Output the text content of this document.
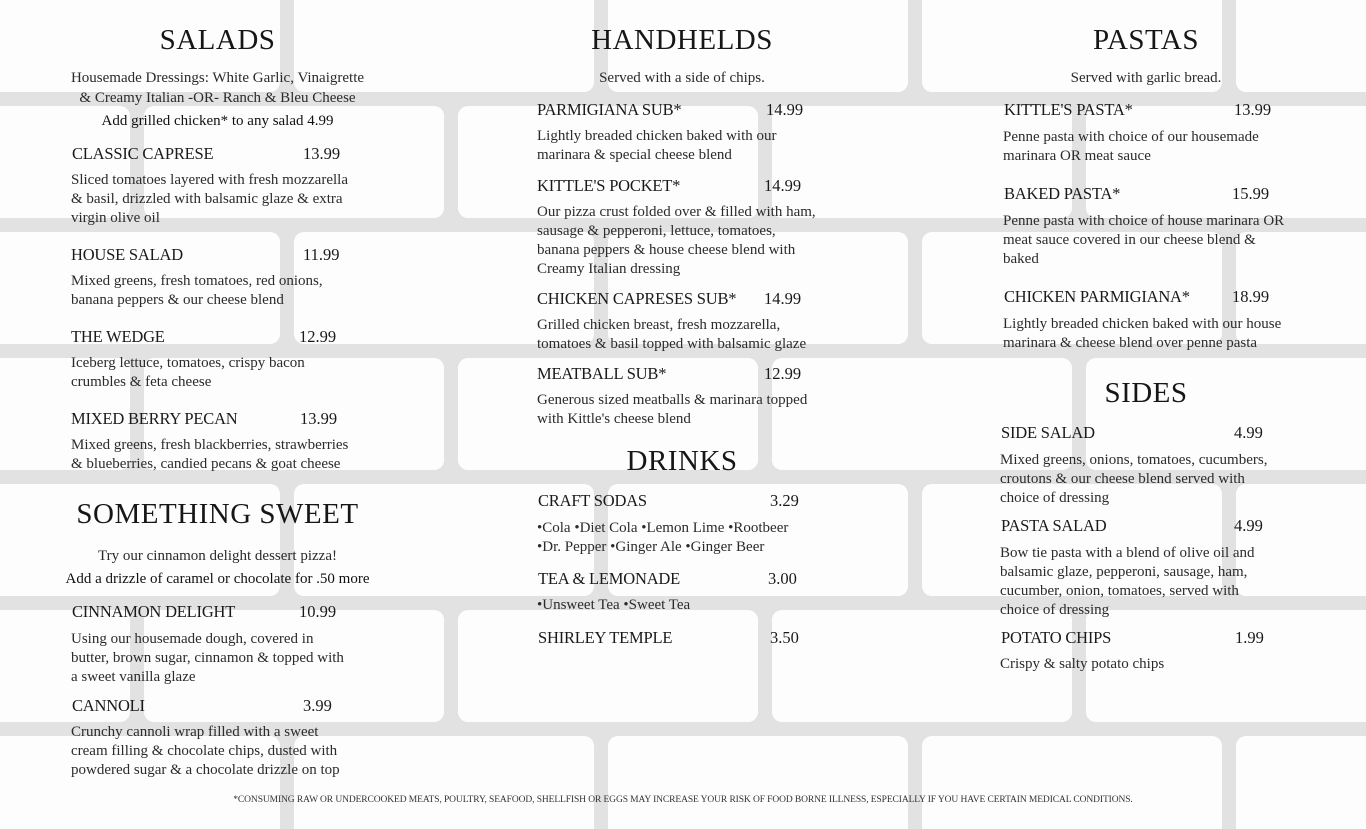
SALADS
Housemade Dressings: White Garlic, Vinaigrette
& Creamy Italian -OR- Ranch & Bleu Cheese
Add grilled chicken* to any salad 4.99
CLASSIC CAPRESE	13.99
Sliced tomatoes layered with fresh mozzarella
& basil, drizzled with balsamic glaze & extra
virgin olive oil
HOUSE SALAD	11.99
Mixed greens, fresh tomatoes, red onions,
banana peppers & our cheese blend
THE WEDGE	12.99
Iceberg lettuce, tomatoes, crispy bacon
crumbles & feta cheese
MIXED BERRY PECAN	13.99
Mixed greens, fresh blackberries, strawberries
& blueberries, candied pecans & goat cheese
SOMETHING SWEET
Try our cinnamon delight dessert pizza!
Add a drizzle of caramel or chocolate for .50 more
CINNAMON DELIGHT	10.99
Using our housemade dough, covered in
butter, brown sugar, cinnamon & topped with
a sweet vanilla glaze
CANNOLI	3.99
Crunchy cannoli wrap filled with a sweet
cream filling & chocolate chips, dusted with
powdered sugar & a chocolate drizzle on top
HANDHELDS
Served with a side of chips.
PARMIGIANA SUB*	14.99
Lightly breaded chicken baked with our
marinara & special cheese blend
KITTLE'S POCKET*	14.99
Our pizza crust folded over & filled with ham,
sausage & pepperoni, lettuce, tomatoes,
banana peppers & house cheese blend with
Creamy Italian dressing
CHICKEN CAPRESES SUB* 14.99
Grilled chicken breast, fresh mozzarella,
tomatoes & basil topped with balsamic glaze
MEATBALL SUB*	12.99
Generous sized meatballs & marinara topped
with Kittle's cheese blend
DRINKS
CRAFT SODAS	3.29
•Cola •Diet Cola •Lemon Lime •Rootbeer
•Dr. Pepper •Ginger Ale •Ginger Beer
TEA & LEMONADE	3.00
•Unsweet Tea •Sweet Tea
SHIRLEY TEMPLE	3.50
PASTAS
Served with garlic bread.
KITTLE'S PASTA*	13.99
Penne pasta with choice of our housemade
marinara OR meat sauce
BAKED PASTA*	15.99
Penne pasta with choice of house marinara OR
meat sauce covered in our cheese blend &
baked
CHICKEN PARMIGIANA*	18.99
Lightly breaded chicken baked with our house
marinara & cheese blend over penne pasta
SIDES
SIDE SALAD	4.99
Mixed greens, onions, tomatoes, cucumbers,
croutons & our cheese blend served with
choice of dressing
PASTA SALAD	4.99
Bow tie pasta with a blend of olive oil and
balsamic glaze, pepperoni, sausage, ham,
cucumber, onion, tomatoes, served with
choice of dressing
POTATO CHIPS	1.99
Crispy & salty potato chips
*CONSUMING RAW OR UNDERCOOKED MEATS, POULTRY, SEAFOOD, SHELLFISH OR EGGS MAY INCREASE YOUR RISK OF FOOD BORNE ILLNESS, ESPECIALLY IF YOU HAVE CERTAIN MEDICAL CONDITIONS.
